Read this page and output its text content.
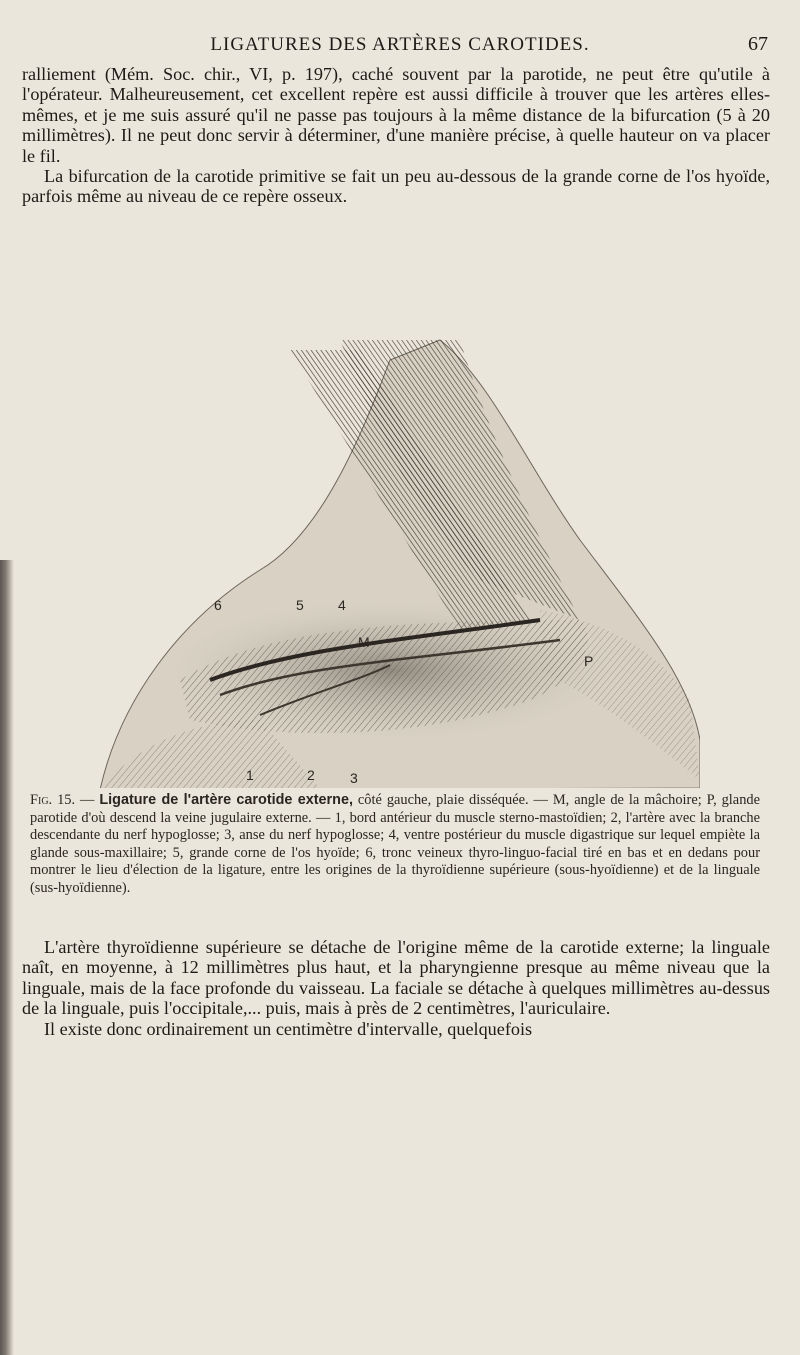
LIGATURES DES ARTÈRES CAROTIDES.	67

ralliement (Mém. Soc. chir., VI, p. 197), caché souvent par la parotide, ne peut être qu'utile à l'opérateur. Malheureusement, cet excellent repère est aussi difficile à trouver que les artères elles-mêmes, et je me suis assuré qu'il ne passe pas toujours à la même distance de la bifurcation (5 à 20 millimètres). Il ne peut donc servir à déterminer, d'une manière précise, à quelle hauteur on va placer le fil.

La bifurcation de la carotide primitive se fait un peu au-dessous de la grande corne de l'os hyoïde, parfois même au niveau de ce repère osseux.

6	5 4
M
P
1	2	3
Fig. 15. — Ligature de l'artère carotide externe, côté gauche, plaie disséquée. — M, angle de la mâchoire; P, glande parotide d'où descend la veine jugulaire externe. — 1, bord antérieur du muscle sterno-mastoïdien; 2, l'artère avec la branche descendante du nerf hypoglosse; 3, anse du nerf hypoglosse; 4, ventre postérieur du muscle digastrique sur lequel empiète la glande sous-maxillaire; 5, grande corne de l'os hyoïde; 6, tronc veineux thyro-linguo-facial tiré en bas et en dedans pour montrer le lieu d'élection de la ligature, entre les origines de la thyroïdienne supérieure (sous-hyoïdienne) et de la linguale (sus-hyoïdienne).

L'artère thyroïdienne supérieure se détache de l'origine même de la carotide externe; la linguale naît, en moyenne, à 12 millimètres plus haut, et la pharyngienne presque au même niveau que la linguale, mais de la face profonde du vaisseau. La faciale se détache à quelques millimètres au-dessus de la linguale, puis l'occipitale,... puis, mais à près de 2 centimètres, l'auriculaire.

Il existe donc ordinairement un centimètre d'intervalle, quelquefois
